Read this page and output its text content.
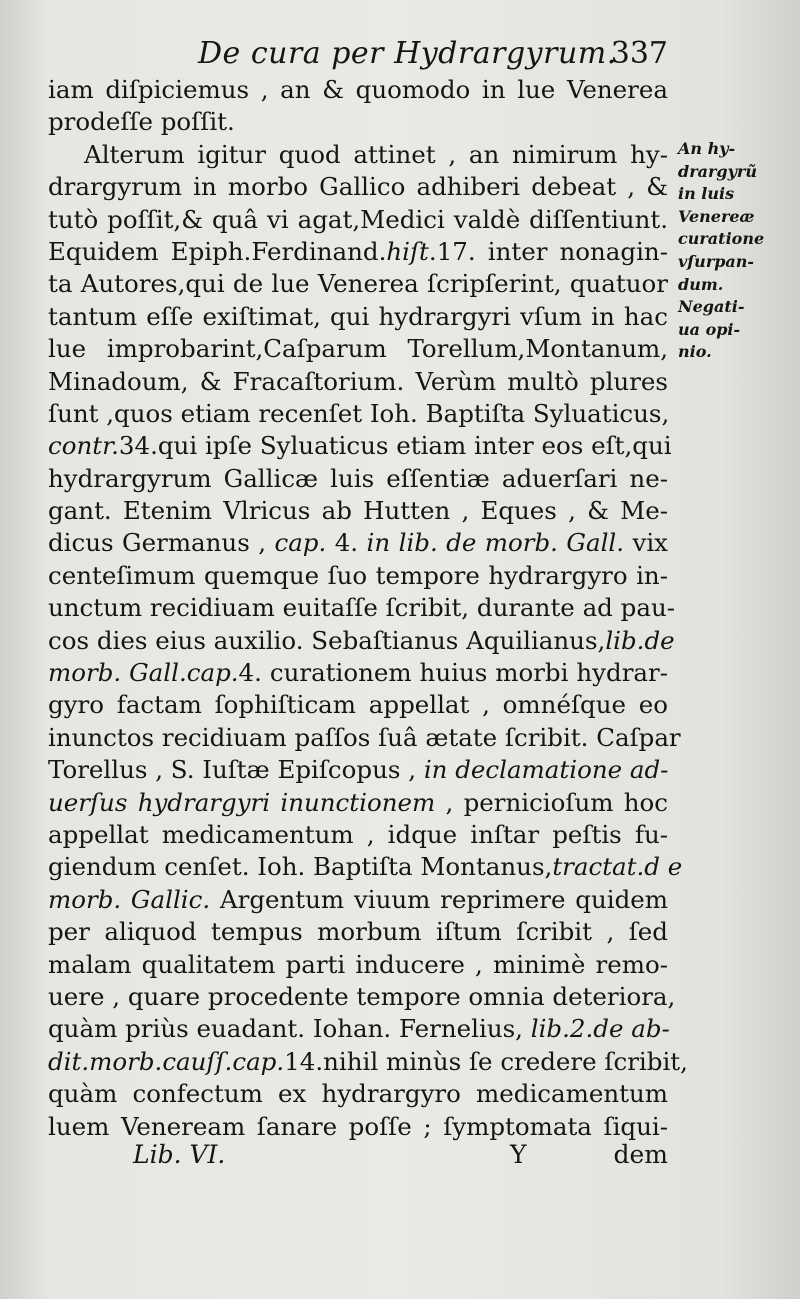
De cura per Hydrargyrum.
337
iam diſpiciemus , an & quomodo in lue Venerea
prodeſſe poſſit.
Alterum igitur quod attinet , an nimirum hy-
drargyrum in morbo Gallico adhiberi debeat , &
tutò poſſit,& quâ vi agat,Medici valdè diſſentiunt.
Equidem Epiph.Ferdinand.hiſt.17. inter nonagin-
ta Autores,qui de lue Venerea ſcripſerint, quatuor
tantum eſſe exiſtimat, qui hydrargyri vſum in hac
lue improbarint,Caſparum Torellum,Montanum,
Minadoum, & Fracaſtorium. Verùm multò plures
ſunt ,quos etiam recenſet Ioh. Baptiſta Syluaticus,
contr.34.qui ipſe Syluaticus etiam inter eos eſt,qui
hydrargyrum Gallicæ luis eſſentiæ aduerſari ne-
gant. Etenim Vlricus ab Hutten , Eques , & Me-
dicus Germanus , cap. 4. in lib. de morb. Gall. vix
centeſimum quemque ſuo tempore hydrargyro in-
unctum recidiuam euitaſſe ſcribit, durante ad pau-
cos dies eius auxilio. Sebaſtianus Aquilianus,lib.de
morb. Gall.cap.4. curationem huius morbi hydrar-
gyro factam ſophiſticam appellat , omnéſque eo
inunctos recidiuam paſſos ſuâ ætate ſcribit. Caſpar
Torellus , S. Iuſtæ Epiſcopus , in declamatione ad-
uerſus hydrargyri inunctionem , pernicioſum hoc
appellat medicamentum , idque inſtar peſtis fu-
giendum cenſet. Ioh. Baptiſta Montanus,tractat.d e
morb. Gallic. Argentum viuum reprimere quidem
per aliquod tempus morbum iſtum ſcribit , ſed
malam qualitatem parti inducere , minimè remo-
uere , quare procedente tempore omnia deteriora,
quàm priùs euadant. Iohan. Fernelius, lib.2.de ab-
dit.morb.cauſſ.cap.14.nihil minùs ſe credere ſcribit,
quàm confectum ex hydrargyro medicamentum
luem Veneream ſanare poſſe ; ſymptomata ſiqui-
An hy-
drargyrũ
in luis
Venereæ
curatione
vſurpan-
dum.
Negati-
ua opi-
nio.
Lib. VI.	Y	dem
